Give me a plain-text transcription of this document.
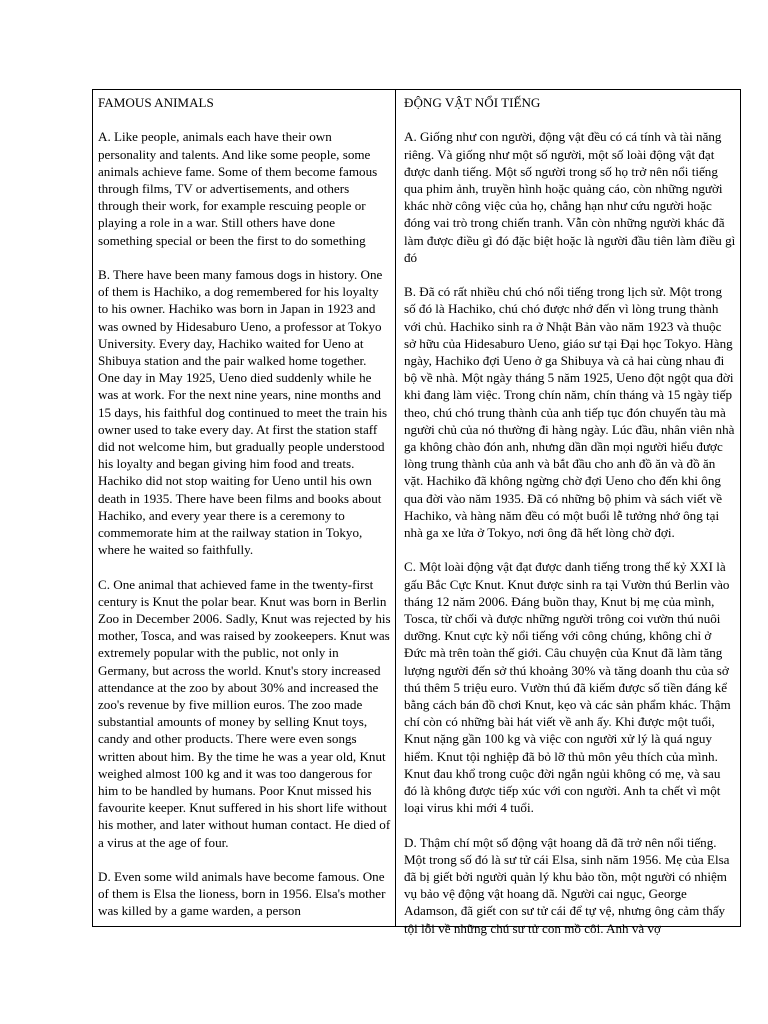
FAMOUS ANIMALS

A. Like people, animals each have their own personality and talents. And like some people, some animals achieve fame. Some of them become famous through films, TV or advertisements, and others through their work, for example rescuing people or playing a role in a war. Still others have done something special or been the first to do something

B. There have been many famous dogs in history. One of them is Hachiko, a dog remembered for his loyalty to his owner. Hachiko was born in Japan in 1923 and was owned by Hidesaburo Ueno, a professor at Tokyo University. Every day, Hachiko waited for Ueno at Shibuya station and the pair walked home together. One day in May 1925, Ueno died suddenly while he was at work. For the next nine years, nine months and 15 days, his faithful dog continued to meet the train his owner used to take every day. At first the station staff did not welcome him, but gradually people understood his loyalty and began giving him food and treats. Hachiko did not stop waiting for Ueno until his own death in 1935. There have been films and books about Hachiko, and every year there is a ceremony to commemorate him at the railway station in Tokyo, where he waited so faithfully.

C. One animal that achieved fame in the twenty-first century is Knut the polar bear. Knut was born in Berlin Zoo in December 2006. Sadly, Knut was rejected by his mother, Tosca, and was raised by zookeepers. Knut was extremely popular with the public, not only in Germany, but across the world. Knut's story increased attendance at the zoo by about 30% and increased the zoo's revenue by five million euros. The zoo made substantial amounts of money by selling Knut toys, candy and other products. There were even songs written about him. By the time he was a year old, Knut weighed almost 100 kg and it was too dangerous for him to be handled by humans. Poor Knut missed his favourite keeper. Knut suffered in his short life without his mother, and later without human contact. He died of a virus at the age of four.

D. Even some wild animals have become famous. One of them is Elsa the lioness, born in 1956. Elsa's mother was killed by a game warden, a person

ĐỘNG VẬT NỔI TIẾNG

A. Giống như con người, động vật đều có cá tính và tài năng riêng. Và giống như một số người, một số loài động vật đạt được danh tiếng. Một số người trong số họ trở nên nổi tiếng qua phim ảnh, truyền hình hoặc quảng cáo, còn những người khác nhờ công việc của họ, chẳng hạn như cứu người hoặc đóng vai trò trong chiến tranh. Vẫn còn những người khác đã làm được điều gì đó đặc biệt hoặc là người đầu tiên làm điều gì đó

B. Đã có rất nhiều chú chó nổi tiếng trong lịch sử. Một trong số đó là Hachiko, chú chó được nhớ đến vì lòng trung thành với chủ. Hachiko sinh ra ở Nhật Bản vào năm 1923 và thuộc sở hữu của Hidesaburo Ueno, giáo sư tại Đại học Tokyo. Hàng ngày, Hachiko đợi Ueno ở ga Shibuya và cả hai cùng nhau đi bộ về nhà. Một ngày tháng 5 năm 1925, Ueno đột ngột qua đời khi đang làm việc. Trong chín năm, chín tháng và 15 ngày tiếp theo, chú chó trung thành của anh tiếp tục đón chuyến tàu mà người chủ của nó thường đi hàng ngày. Lúc đầu, nhân viên nhà ga không chào đón anh, nhưng dần dần mọi người hiểu được lòng trung thành của anh và bắt đầu cho anh đồ ăn và đồ ăn vặt. Hachiko đã không ngừng chờ đợi Ueno cho đến khi ông qua đời vào năm 1935. Đã có những bộ phim và sách viết về Hachiko, và hàng năm đều có một buổi lễ tưởng nhớ ông tại nhà ga xe lửa ở Tokyo, nơi ông đã hết lòng chờ đợi.

C. Một loài động vật đạt được danh tiếng trong thế kỷ XXI là gấu Bắc Cực Knut. Knut được sinh ra tại Vườn thú Berlin vào tháng 12 năm 2006. Đáng buồn thay, Knut bị mẹ của mình, Tosca, từ chối và được những người trông coi vườn thú nuôi dưỡng. Knut cực kỳ nổi tiếng với công chúng, không chỉ ở Đức mà trên toàn thế giới. Câu chuyện của Knut đã làm tăng lượng người đến sở thú khoảng 30% và tăng doanh thu của sở thú thêm 5 triệu euro. Vườn thú đã kiếm được số tiền đáng kể bằng cách bán đồ chơi Knut, kẹo và các sản phẩm khác. Thậm chí còn có những bài hát viết về anh ấy. Khi được một tuổi, Knut nặng gần 100 kg và việc con người xử lý là quá nguy hiểm. Knut tội nghiệp đã bỏ lỡ thủ môn yêu thích của mình. Knut đau khổ trong cuộc đời ngắn ngủi không có mẹ, và sau đó là không được tiếp xúc với con người. Anh ta chết vì một loại virus khi mới 4 tuổi.

D. Thậm chí một số động vật hoang dã đã trở nên nổi tiếng. Một trong số đó là sư tử cái Elsa, sinh năm 1956. Mẹ của Elsa đã bị giết bởi người quản lý khu bảo tồn, một người có nhiệm vụ bảo vệ động vật hoang dã. Người cai ngục, George Adamson, đã giết con sư tử cái để tự vệ, nhưng ông cảm thấy tội lỗi về những chú sư tử con mồ côi. Anh và vợ
